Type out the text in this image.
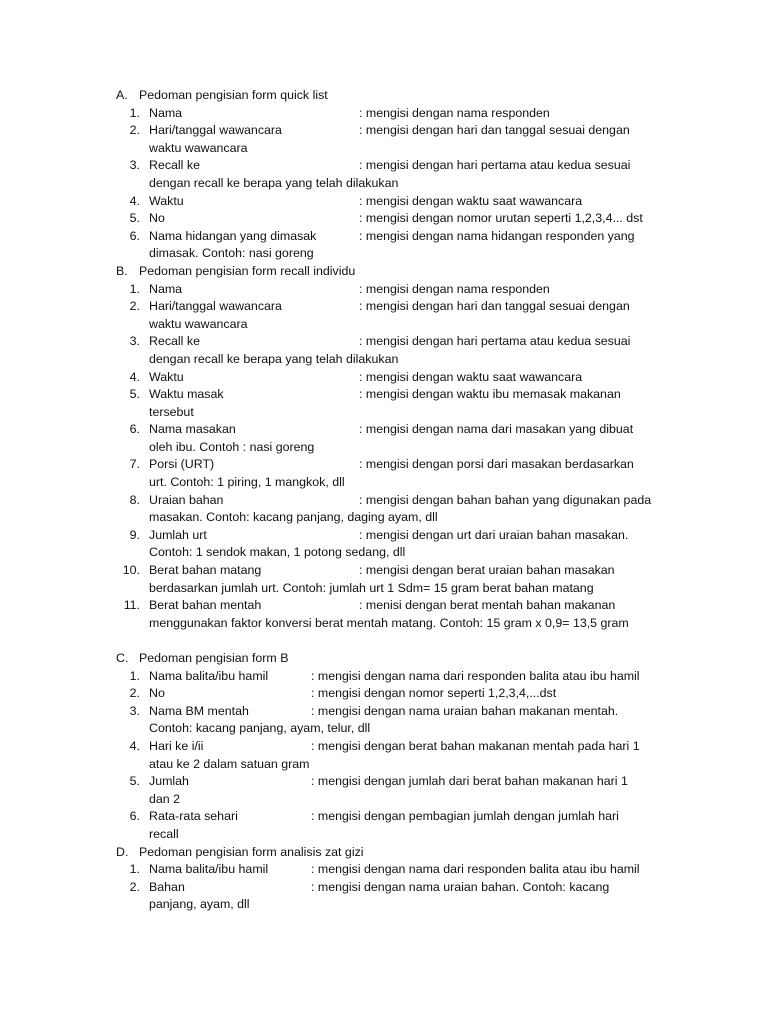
A. Pedoman pengisian form quick list
1. Nama	: mengisi dengan nama responden
2. Hari/tanggal wawancara	: mengisi dengan hari dan tanggal sesuai dengan
waktu wawancara
3. Recall ke	: mengisi dengan hari pertama atau kedua sesuai
dengan recall ke berapa yang telah dilakukan
4. Waktu	: mengisi dengan waktu saat wawancara
5. No	: mengisi dengan nomor urutan seperti 1,2,3,4... dst
6. Nama hidangan yang dimasak	: mengisi dengan nama hidangan responden yang
dimasak. Contoh: nasi goreng
B. Pedoman pengisian form recall individu
1. Nama	: mengisi dengan nama responden
2. Hari/tanggal wawancara	: mengisi dengan hari dan tanggal sesuai dengan
waktu wawancara
3. Recall ke	: mengisi dengan hari pertama atau kedua sesuai
dengan recall ke berapa yang telah dilakukan
4. Waktu	: mengisi dengan waktu saat wawancara
5. Waktu masak	: mengisi dengan waktu ibu memasak makanan
tersebut
6. Nama masakan	: mengisi dengan nama dari masakan yang dibuat
oleh ibu. Contoh : nasi goreng
7. Porsi (URT)	: mengisi dengan porsi dari masakan berdasarkan
urt. Contoh: 1 piring, 1 mangkok, dll
8. Uraian bahan	: mengisi dengan bahan bahan yang digunakan pada
masakan. Contoh: kacang panjang, daging ayam, dll
9. Jumlah urt	: mengisi dengan urt dari uraian bahan masakan.
Contoh: 1 sendok makan, 1 potong sedang, dll
10. Berat bahan matang	: mengisi dengan berat uraian bahan masakan
berdasarkan jumlah urt. Contoh: jumlah urt 1 Sdm= 15 gram berat bahan matang
11. Berat bahan mentah	: menisi dengan berat mentah bahan makanan
menggunakan faktor konversi berat mentah matang. Contoh: 15 gram x 0,9= 13,5 gram
C. Pedoman pengisian form B
1. Nama balita/ibu hamil	: mengisi dengan nama dari responden balita atau ibu hamil
2. No	: mengisi dengan nomor seperti 1,2,3,4,...dst
3. Nama BM mentah	: mengisi dengan nama uraian bahan makanan mentah.
Contoh: kacang panjang, ayam, telur, dll
4. Hari ke i/ii	: mengisi dengan berat bahan makanan mentah pada hari 1
atau ke 2 dalam satuan gram
5. Jumlah	: mengisi dengan jumlah dari berat bahan makanan hari 1
dan 2
6. Rata-rata sehari	: mengisi dengan pembagian jumlah dengan jumlah hari
recall
D. Pedoman pengisian form analisis zat gizi
1. Nama balita/ibu hamil	: mengisi dengan nama dari responden balita atau ibu hamil
2. Bahan	: mengisi dengan nama uraian bahan. Contoh: kacang
panjang, ayam, dll
